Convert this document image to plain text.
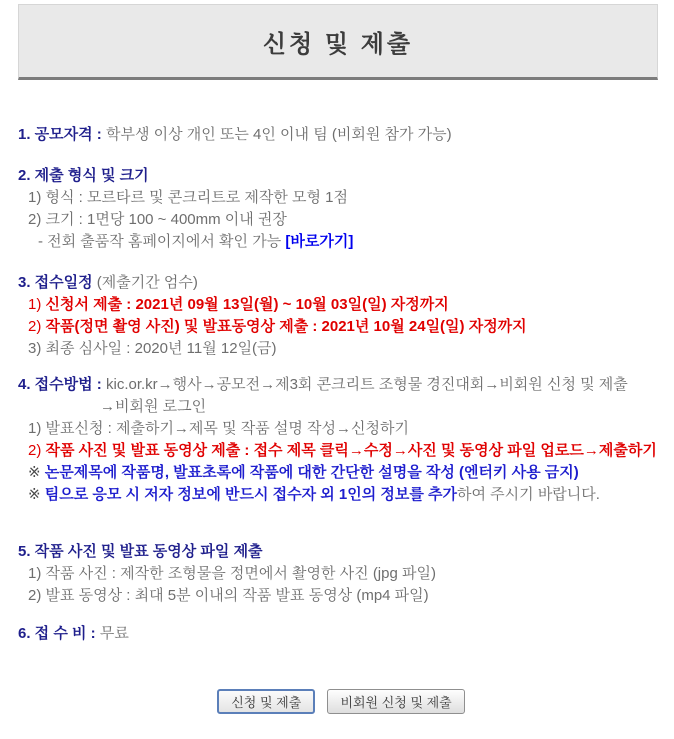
신청 및 제출
1. 공모자격 : 학부생 이상 개인 또는 4인 이내 팀 (비회원 참가 가능)
2. 제출 형식 및 크기
1) 형식 : 모르타르 및 콘크리트로 제작한 모형 1점
2) 크기 : 1면당 100 ~ 400mm 이내 권장
- 전회 출품작 홈페이지에서 확인 가능 [바로가기]
3. 접수일정 (제출기간 엄수)
1) 신청서 제출 : 2021년 09월 13일(월) ~ 10월 03일(일) 자정까지
2) 작품(정면 촬영 사진) 및 발표동영상 제출 : 2021년 10월 24일(일) 자정까지
3) 최종 심사일 : 2020년 11월 12일(금)
4. 접수방법 : kic.or.kr→행사→공모전→제3회 콘크리트 조형물 경진대회→비회원 신청 및 제출
→비회원 로그인
1) 발표신청 : 제출하기→제목 및 작품 설명 작성→신청하기
2) 작품 사진 및 발표 동영상 제출 : 접수 제목 클릭→수정→사진 및 동영상 파일 업로드→제출하기
※ 논문제목에 작품명, 발표초록에 작품에 대한 간단한 설명을 작성 (엔터키 사용 금지)
※ 팀으로 응모 시 저자 정보에 반드시 접수자 외 1인의 정보를 추가하여 주시기 바랍니다.
5. 작품 사진 및 발표 동영상 파일 제출
1) 작품 사진 : 제작한 조형물을 정면에서 촬영한 사진 (jpg 파일)
2) 발표 동영상 : 최대 5분 이내의 작품 발표 동영상 (mp4 파일)
6. 접 수 비 : 무료
신청 및 제출	비회원 신청 및 제출
